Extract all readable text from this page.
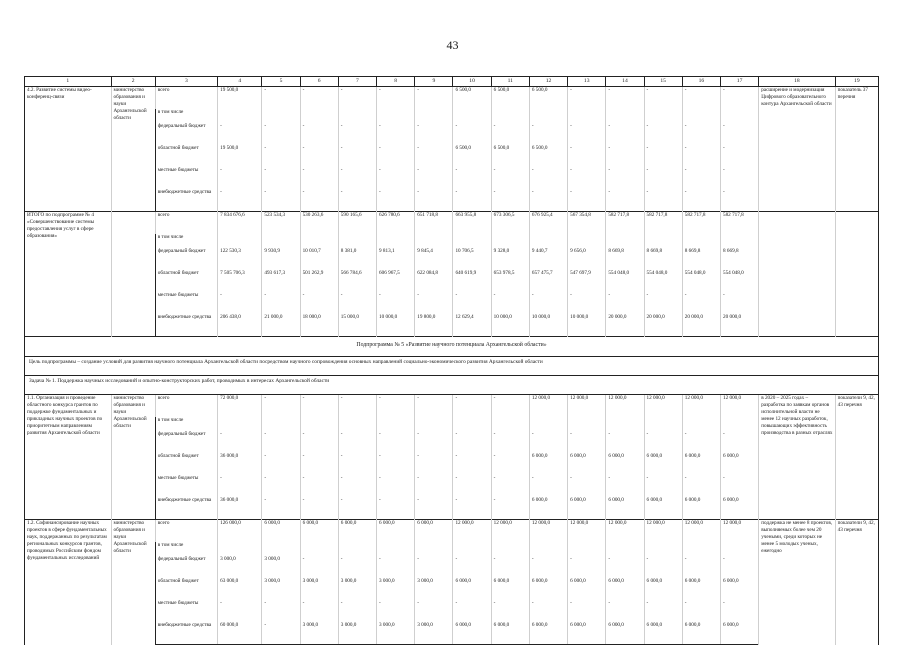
43
1	2	3	4	5	6	7	8	9	10	11	12	13	14	15	16	17	18	19
4.2. Развитие системы видео-конференц-связи	министерство образования и науки Архангельской области	всего	19 500,0	-	-	-	-	-	6 500,0	6 500,0	6 500,0	-	-	-	-	-	расширение и модернизация Цифрового образовательного контура Архангельской области	показатель 37 перечня
		в том числе																
		федеральный бюджет	-	-	-	-	-	-	-	-	-	-	-	-	-	-		
		областной бюджет	19 500,0	-	-	-	-	-	6 500,0	6 500,0	6 500,0	-	-	-	-	-		
		местные бюджеты	-	-	-	-	-	-	-	-	-	-	-	-	-	-		
		внебюджетные средства	-	-	-	-	-	-	-	-	-	-	-	-	-	-		
ИТОГО по подпрограмме № 4 «Совершенствование системы предоставления услуг в сфере образования»		всего	7 834 676,6	523 534,3	530 263,6	590 165,6	626 780,6	651 718,8	663 955,8	673 306,5	676 925,4	567 354,8	582 717,8	582 717,8	582 717,8	582 717,8		
		в том числе																
		федеральный бюджет	122 530,3	9 930,9	10 010,7	8 381,0	9 813,1	9 845,4	10 706,5	9 328,0	9 440,7	9 656,0	8 669,8	8 669,8	8 669,8	8 669,8		
		областной бюджет	7 505 706,3	493 617,3	501 262,9	566 784,6	606 967,5	622 084,8	640 619,9	653 978,5	657 475,7	547 697,9	554 048,0	554 048,0	554 048,0	554 048,0		
		местные бюджеты	-	-	-	-	-	-	-	-	-	-	-	-	-	-		
		внебюджетные средства	206 438,0	21 000,0	18 000,0	15 000,0	10 000,0	19 800,0	12 629,4	10 000,0	10 000,0	10 000,0	20 000,0	20 000,0	20 000,0	20 000,0		
Подпрограмма № 5 «Развитие научного потенциала Архангельской области»																		
Цель подпрограммы – создание условий для развития научного потенциала Архангельской области посредством научного сопровождения основных направлений социально-экономического развития Архангельской области																		
Задача № 1. Поддержка научных исследований и опытно-конструкторских работ, проводимых в интересах Архангельской области																		
1.1. Организация и проведение областного конкурса грантов по поддержке фундаментальных и прикладных научных проектов по приоритетным направлениям развития Архангельской области	министерство образования и науки Архангельской области	всего	72 000,0	-	-	-	-	-	-	-	12 000,0	12 000,0	12 000,0	12 000,0	12 000,0	12 000,0	в 2020 – 2025 годах – разработка по заявкам органов исполнительной власти не менее 12 научных разработок, повышающих эффективность производства в разных отраслях	показатели 9, 42, 43 перечня
		в том числе																
		федеральный бюджет	-	-	-	-	-	-	-	-	-	-	-	-	-	-		
		областной бюджет	36 000,0	-	-	-	-	-	-	-	6 000,0	6 000,0	6 000,0	6 000,0	6 000,0	6 000,0		
		местные бюджеты	-	-	-	-	-	-	-	-	-	-	-	-	-	-		
		внебюджетные средства	36 000,0	-	-	-	-	-	-	-	6 000,0	6 000,0	6 000,0	6 000,0	6 000,0	6 000,0		
1.2. Софинансирование научных проектов в сфере фундаментальных наук, поддержанных по результатам региональных конкурсов грантов, проводимых Российским фондом фундаментальных исследований	министерство образования и науки Архангельской области	всего	126 000,0	6 000,0	6 000,0	6 000,0	6 000,0	6 000,0	12 000,0	12 000,0	12 000,0	12 000,0	12 000,0	12 000,0	12 000,0	12 000,0	поддержка не менее 8 проектов, выполняемых более чем 20 учеными, среди которых не менее 5 молодых ученых, ежегодно	показатели 9, 42, 43 перечня
		в том числе																
		федеральный бюджет	3 000,0	3 000,0	-	-	-	-	-	-	-	-	-	-	-	-		
		областной бюджет	63 000,0	3 000,0	3 000,0	3 000,0	3 000,0	3 000,0	6 000,0	6 000,0	6 000,0	6 000,0	6 000,0	6 000,0	6 000,0	6 000,0		
		местные бюджеты	-	-	-	-	-	-	-	-	-	-	-	-	-	-		
		внебюджетные средства	60 000,0	-	3 000,0	3 000,0	3 000,0	3 000,0	6 000,0	6 000,0	6 000,0	6 000,0	6 000,0	6 000,0	6 000,0	6 000,0		
